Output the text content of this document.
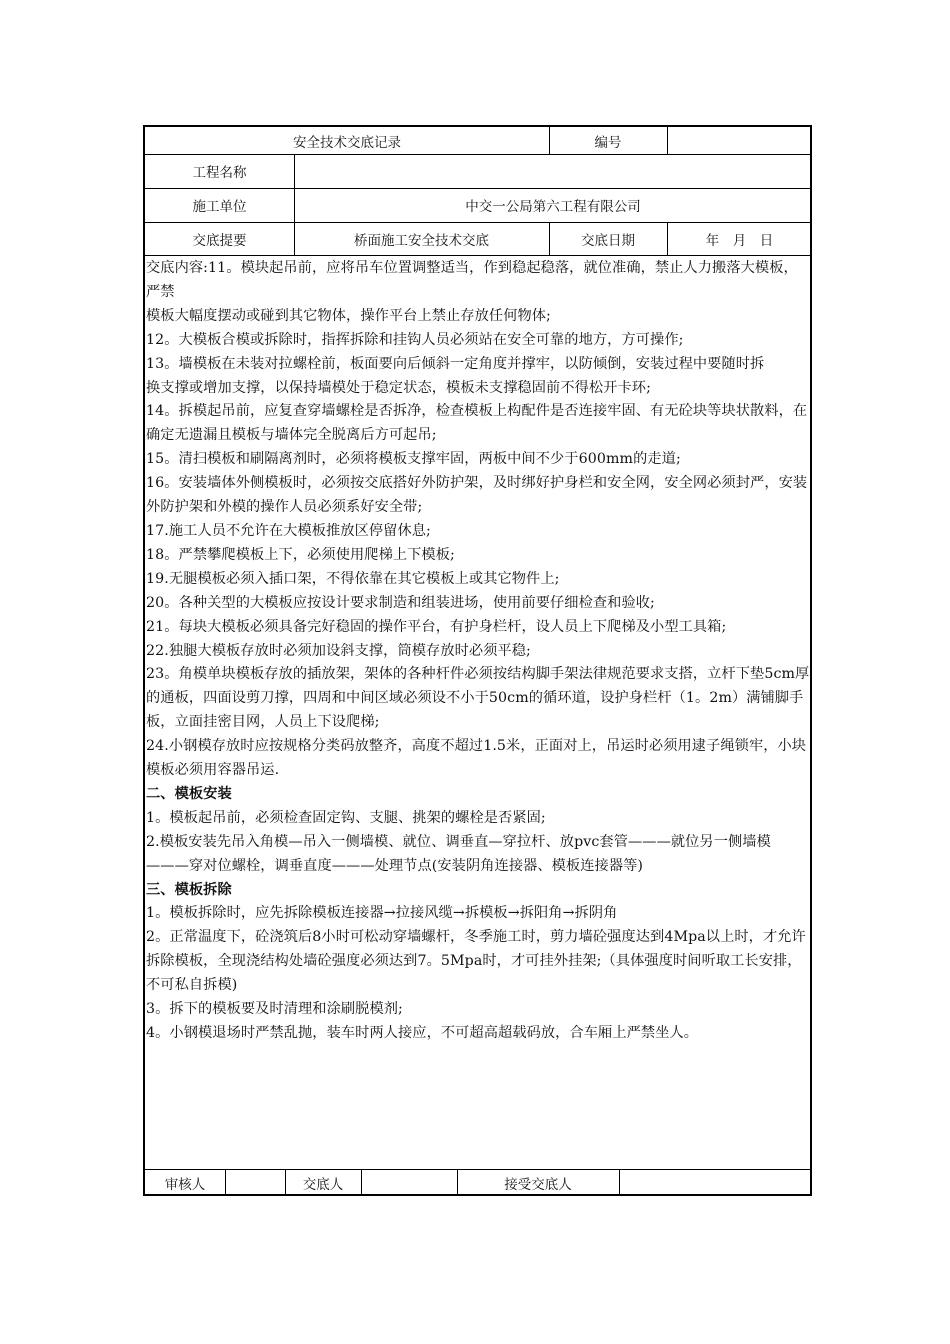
安全技术交底记录	编号
工程名称
施工单位	中交一公局第六工程有限公司
交底提要	桥面施工安全技术交底	交底日期	年　月　日

交底内容:11。模块起吊前，应将吊车位置调整适当，作到稳起稳落，就位准确，禁止人力搬落大模板，严禁

模板大幅度摆动或碰到其它物体，操作平台上禁止存放任何物体;

12。大模板合模或拆除时，指挥拆除和挂钩人员必须站在安全可靠的地方，方可操作;

13。墙模板在未装对拉螺栓前，板面要向后倾斜一定角度并撑牢，以防倾倒，安装过程中要随时拆

换支撑或增加支撑，以保持墙模处于稳定状态，模板未支撑稳固前不得松开卡环;

14。拆模起吊前，应复查穿墙螺栓是否拆净，检查模板上构配件是否连接牢固、有无砼块等块状散料，在确定无遗漏且模板与墙体完全脱离后方可起吊;

15。清扫模板和刷隔离剂时，必须将模板支撑牢固，两板中间不少于600mm的走道;

16。安装墙体外侧模板时，必须按交底搭好外防护架，及时绑好护身栏和安全网，安全网必须封严，安装外防护架和外模的操作人员必须系好安全带;

17.施工人员不允许在大模板推放区停留休息;

18。严禁攀爬模板上下，必须使用爬梯上下模板;

19.无腿模板必须入插口架，不得依靠在其它模板上或其它物件上;

20。各种关型的大模板应按设计要求制造和组装进场，使用前要仔细检查和验收;

21。每块大模板必须具备完好稳固的操作平台，有护身栏杆，设人员上下爬梯及小型工具箱;

22.独腿大模板存放时必须加设斜支撑，筒模存放时必须平稳;

23。角模单块模板存放的插放架，架体的各种杆件必须按结构脚手架法律规范要求支搭，立杆下垫5cm厚的通板，四面设剪刀撑，四周和中间区域必须设不小于50cm的循环道，设护身栏杆（1。2m）满铺脚手板，立面挂密目网，人员上下设爬梯;

24.小钢模存放时应按规格分类码放整齐，高度不超过1.5米，正面对上，吊运时必须用逮子绳锁牢，小块模板必须用容器吊运.

二、模板安装

1。模板起吊前，必须检查固定钩、支腿、挑架的螺栓是否紧固;

2.模板安装先吊入角模—吊入一侧墙模、就位、调垂直—穿拉杆、放pvc套管———就位另一侧墙模———穿对位螺栓，调垂直度———处理节点(安装阴角连接器、模板连接器等)

三、模板拆除

1。模板拆除时，应先拆除模板连接器→拉接风缆→拆模板→拆阳角→拆阴角

2。正常温度下，砼浇筑后8小时可松动穿墙螺杆，冬季施工时，剪力墙砼强度达到4Mpa以上时，才允许拆除模板，全现浇结构处墙砼强度必须达到7。5Mpa时，才可挂外挂架;（具体强度时间听取工长安排，不可私自拆模)

3。拆下的模板要及时清理和涂刷脱模剂;

4。小钢模退场时严禁乱抛，装车时两人接应，不可超高超载码放，合车厢上严禁坐人。

审核人	交底人	接受交底人
